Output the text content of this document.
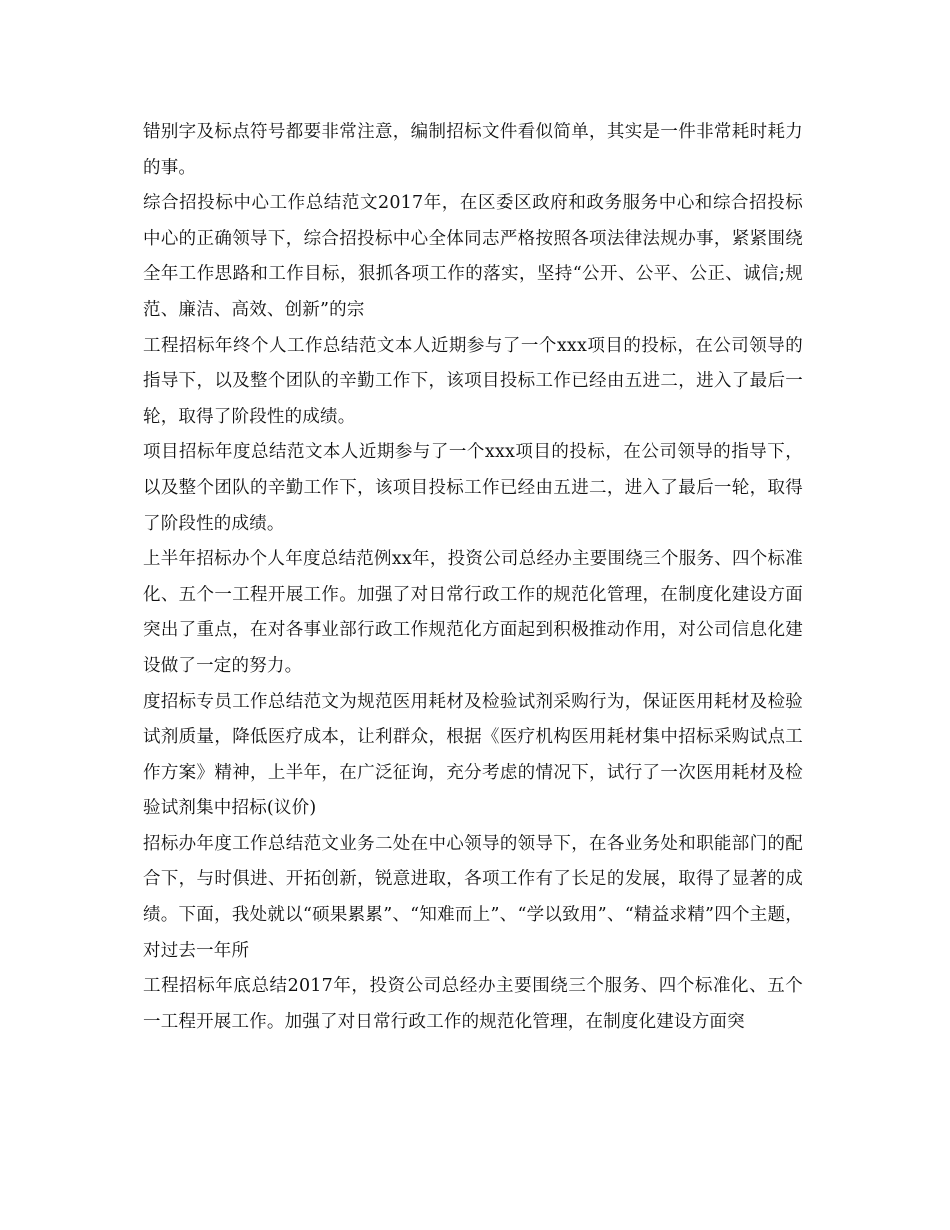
错别字及标点符号都要非常注意，编制招标文件看似简单，其实是一件非常耗时耗力的事。

综合招投标中心工作总结范文2017年，在区委区政府和政务服务中心和综合招投标中心的正确领导下，综合招投标中心全体同志严格按照各项法律法规办事，紧紧围绕全年工作思路和工作目标，狠抓各项工作的落实，坚持“公开、公平、公正、诚信;规范、廉洁、高效、创新”的宗

工程招标年终个人工作总结范文本人近期参与了一个xxx项目的投标，在公司领导的指导下，以及整个团队的辛勤工作下，该项目投标工作已经由五进二，进入了最后一轮，取得了阶段性的成绩。

项目招标年度总结范文本人近期参与了一个xxx项目的投标，在公司领导的指导下，以及整个团队的辛勤工作下，该项目投标工作已经由五进二，进入了最后一轮，取得了阶段性的成绩。

上半年招标办个人年度总结范例xx年，投资公司总经办主要围绕三个服务、四个标准化、五个一工程开展工作。加强了对日常行政工作的规范化管理，在制度化建设方面突出了重点，在对各事业部行政工作规范化方面起到积极推动作用，对公司信息化建设做了一定的努力。

度招标专员工作总结范文为规范医用耗材及检验试剂采购行为，保证医用耗材及检验试剂质量，降低医疗成本，让利群众，根据《医疗机构医用耗材集中招标采购试点工作方案》精神，上半年，在广泛征询，充分考虑的情况下，试行了一次医用耗材及检验试剂集中招标(议价)

招标办年度工作总结范文业务二处在中心领导的领导下，在各业务处和职能部门的配合下，与时俱进、开拓创新，锐意进取，各项工作有了长足的发展，取得了显著的成绩。下面，我处就以“硕果累累”、“知难而上”、“学以致用”、“精益求精”四个主题，对过去一年所

工程招标年底总结2017年，投资公司总经办主要围绕三个服务、四个标准化、五个一工程开展工作。加强了对日常行政工作的规范化管理，在制度化建设方面突
